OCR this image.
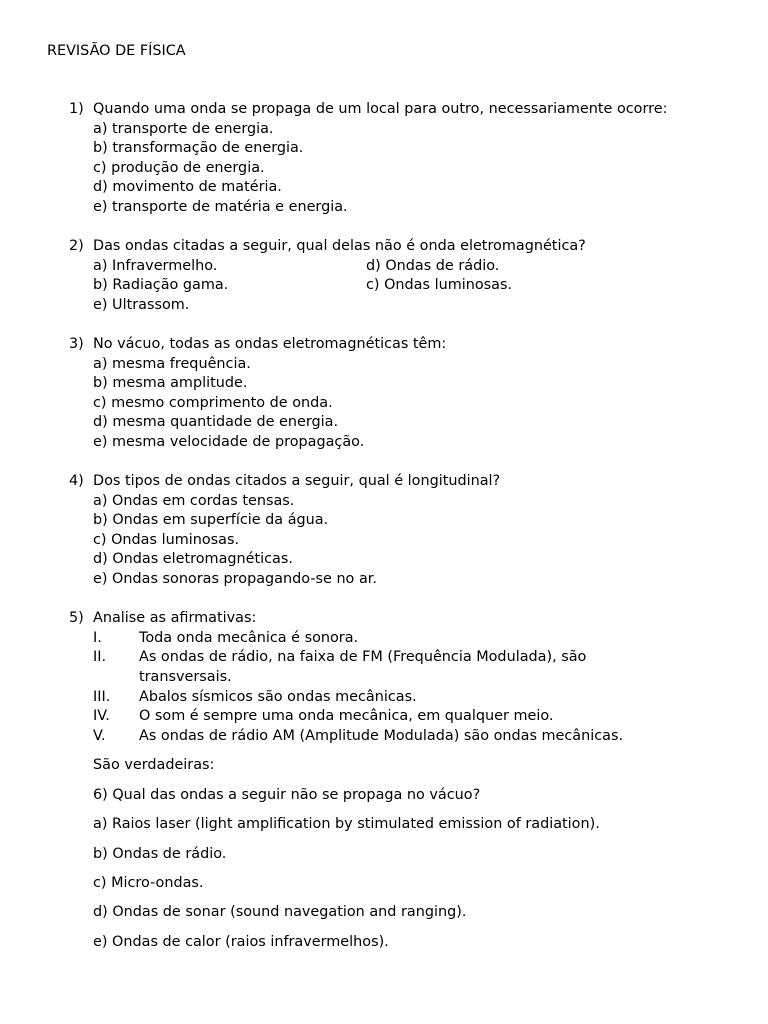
REVISÃO DE FÍSICA
1) Quando uma onda se propaga de um local para outro, necessariamente ocorre:
a) transporte de energia.
b) transformação de energia.
c) produção de energia.
d) movimento de matéria.
e) transporte de matéria e energia.
2) Das ondas citadas a seguir, qual delas não é onda eletromagnética?
a) Infravermelho.	d) Ondas de rádio.
b) Radiação gama.	c) Ondas luminosas.
e) Ultrassom.
3) No vácuo, todas as ondas eletromagnéticas têm:
a) mesma frequência.
b) mesma amplitude.
c) mesmo comprimento de onda.
d) mesma quantidade de energia.
e) mesma velocidade de propagação.
4) Dos tipos de ondas citados a seguir, qual é longitudinal?
a) Ondas em cordas tensas.
b) Ondas em superfície da água.
c) Ondas luminosas.
d) Ondas eletromagnéticas.
e) Ondas sonoras propagando-se no ar.
5) Analise as afirmativas:
I.	Toda onda mecânica é sonora.
II. As ondas de rádio, na faixa de FM (Frequência Modulada), são
transversais.
III. Abalos sísmicos são ondas mecânicas.
IV. O som é sempre uma onda mecânica, em qualquer meio.
V. As ondas de rádio AM (Amplitude Modulada) são ondas mecânicas.
São verdadeiras:
6) Qual das ondas a seguir não se propaga no vácuo?
a) Raios laser (light amplification by stimulated emission of radiation).
b) Ondas de rádio.
c) Micro-ondas.
d) Ondas de sonar (sound navegation and ranging).
e) Ondas de calor (raios infravermelhos).
